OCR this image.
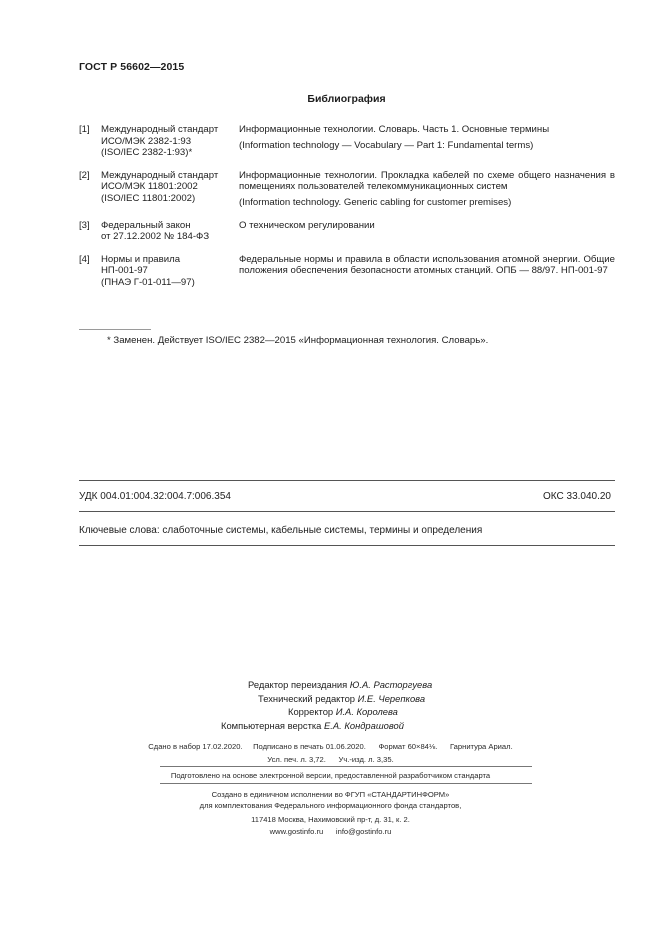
ГОСТ Р 56602—2015
Библиография
[1]	Международный стандарт
ИСО/МЭК 2382-1:93
(ISO/IEC 2382-1:93)*

Информационные технологии. Словарь. Часть 1. Основные термины

(Information technology — Vocabulary — Part 1: Fundamental terms)

[2]	Международный стандарт
ИСО/МЭК 11801:2002
(ISO/IEC 11801:2002)

Информационные технологии. Прокладка кабелей по схеме общего назначения в помещениях пользователей телекоммуникационных систем

(Information technology. Generic cabling for customer premises)

[3]	Федеральный закон
от 27.12.2002 № 184-ФЗ

О техническом регулировании

[4]	Нормы и правила
НП-001-97
(ПНАЭ Г-01-011—97)

Федеральные нормы и правила в области использования атомной энергии. Общие положения обеспечения безопасности атомных станций. ОПБ — 88/97. НП-001-97

* Заменен. Действует ISO/IEC 2382—2015 «Информационная технология. Словарь».
УДК 004.01:004.32:004.7:006.354	ОКС 33.040.20
Ключевые слова: слаботочные системы, кабельные системы, термины и определения
Редактор переиздания Ю.А. Расторгуева
Технический редактор И.Е. Черепкова
Корректор И.А. Королева
Компьютерная верстка Е.А. Кондрашовой
Сдано в набор 17.02.2020.     Подписано в печать 01.06.2020.      Формат 60×84⅛.      Гарнитура Ариал.
Усл. печ. л. 3,72.      Уч.-изд. л. 3,35.
Подготовлено на основе электронной версии, предоставленной разработчиком стандарта
Создано в единичном исполнении во ФГУП «СТАНДАРТИНФОРМ»
для комплектования Федерального информационного фонда стандартов,
117418 Москва, Нахимовский пр-т, д. 31, к. 2.
www.gostinfo.ru      info@gostinfo.ru
